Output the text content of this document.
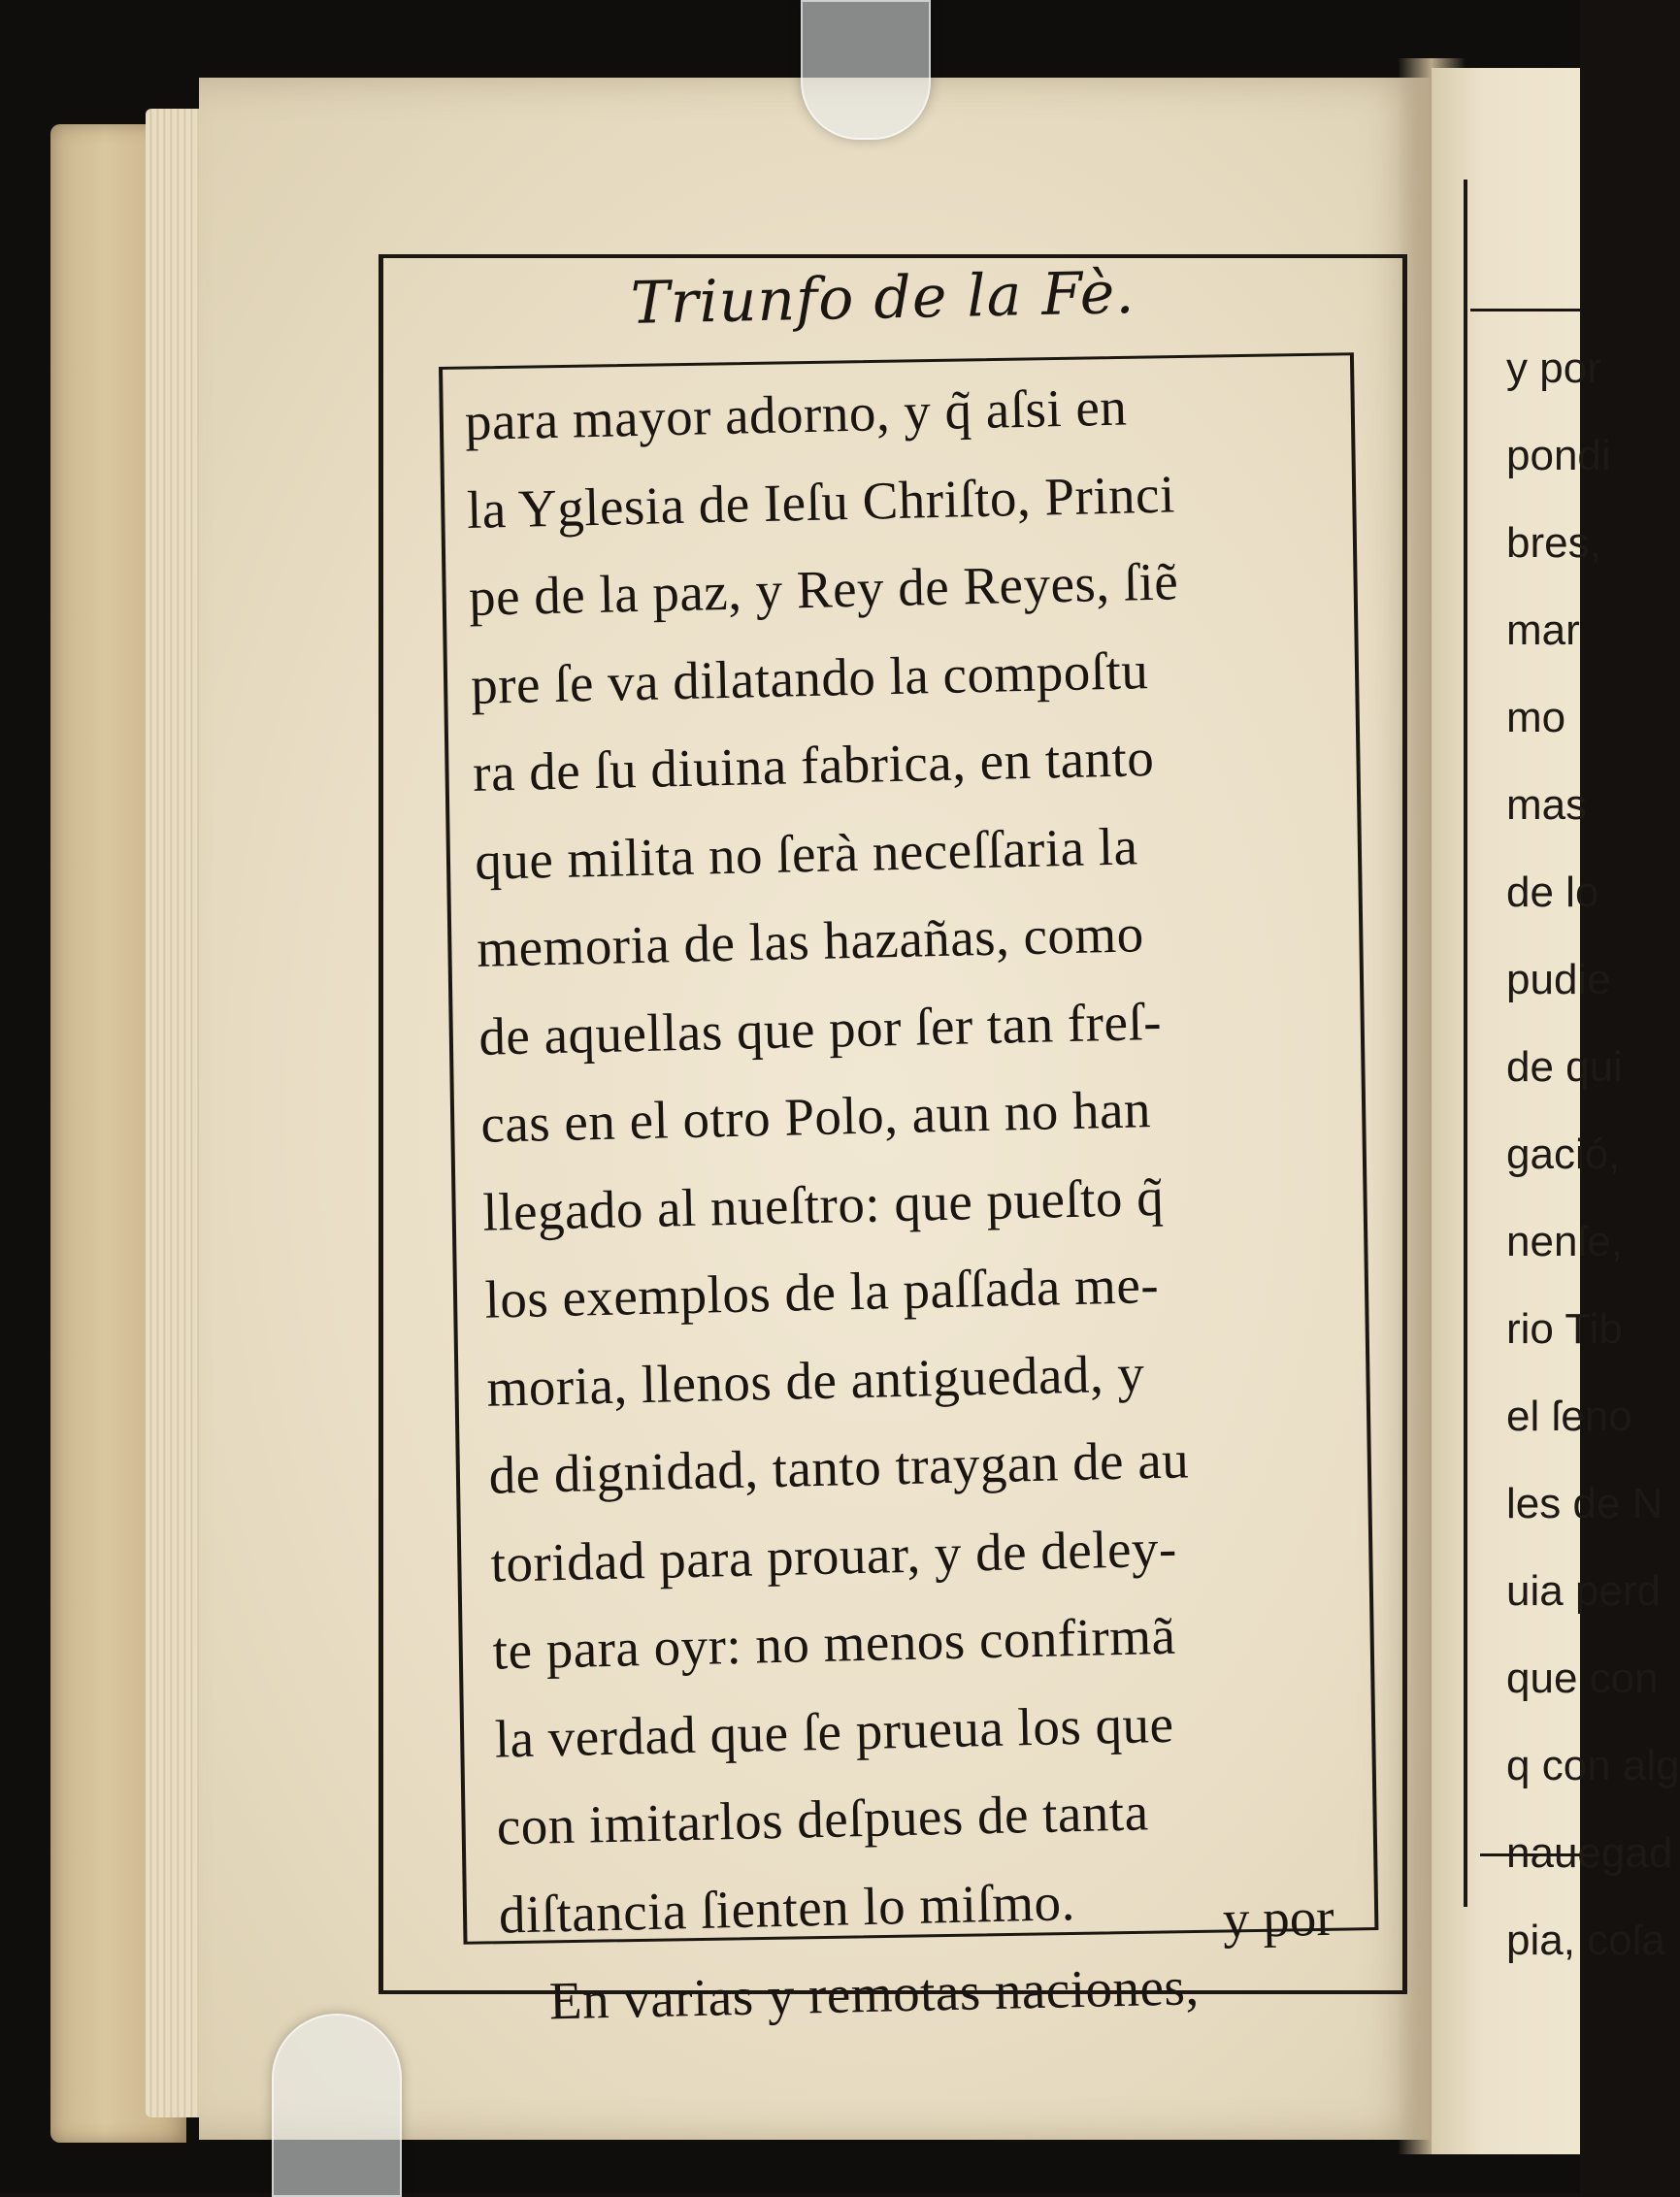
Triunfo de la Fè.
para mayor adorno, y q̃ aſsi en
la Yglesia de Ieſu Chriſto, Princi
pe de la paz, y Rey de Reyes, ſiẽ
pre ſe va dilatando la compoſtu
ra de ſu diuina fabrica, en tanto
que milita no ſerà neceſſaria la
memoria de las hazañas, como
de aquellas que por ſer tan freſ-
cas en el otro Polo, aun no han
llegado al nueſtro: que pueſto q̃
los exemplos de la paſſada me-
moria, llenos de antiguedad, y
de dignidad, tanto traygan de au
toridad para prouar, y de deley-
te para oyr: no menos confirmã
la verdad que ſe prueua los que
con imitarlos deſpues de tanta
diſtancia ſienten lo miſmo.
En varias y remotas naciones,
y por
y por
pondi
bres,
mar
mo
mas
de lo
pudie
de qui
gació,
nenſe,
rio Tib
el ſeno
les de N
uia perd
que con
q con alg
nauegad
pia, coſa
